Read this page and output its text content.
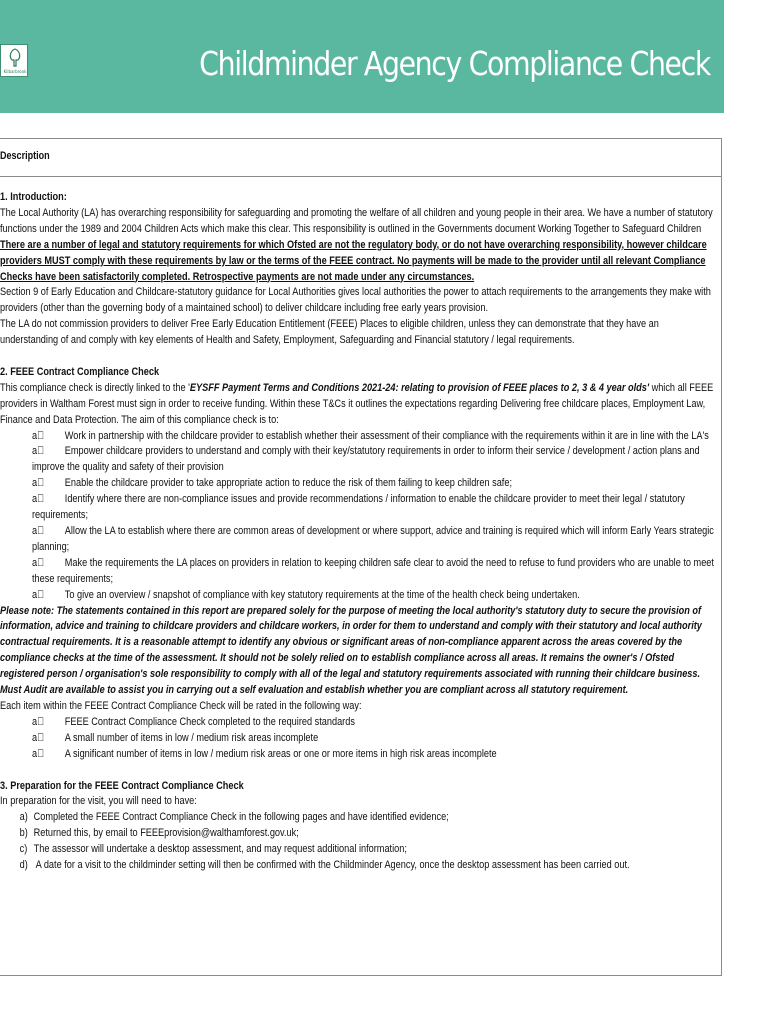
Kilbarbrook	Childminder Agency Compliance Check
Description

1. Introduction:

The Local Authority (LA) has overarching responsibility for safeguarding and promoting the welfare of all children and young people in their area. We have a number of statutory functions under the 1989 and 2004 Children Acts which make this clear. This responsibility is outlined in the Governments document Working Together to Safeguard Children

There are a number of legal and statutory requirements for which Ofsted are not the regulatory body, or do not have overarching responsibility, however childcare providers MUST comply with these requirements by law or the terms of the FEEE contract. No payments will be made to the provider until all relevant Compliance Checks have been satisfactorily completed. Retrospective payments are not made under any circumstances.

Section 9 of Early Education and Childcare-statutory guidance for Local Authorities gives local authorities the power to attach requirements to the arrangements they make with providers (other than the governing body of a maintained school) to deliver childcare including free early years provision.

The LA do not commission providers to deliver Free Early Education Entitlement (FEEE) Places to eligible children, unless they can demonstrate that they have an understanding of and comply with key elements of Health and Safety, Employment, Safeguarding and Financial statutory / legal requirements.

2. FEEE Contract Compliance Check

This compliance check is directly linked to the 'EYSFF Payment Terms and Conditions 2021-24: relating to provision of FEEE places to 2, 3 & 4 year olds' which all FEEE providers in Waltham Forest must sign in order to receive funding. Within these T&Cs it outlines the expectations regarding Delivering free childcare places, Employment Law, Finance and Data Protection. The aim of this compliance check is to:

a Work in partnership with the childcare provider to establish whether their assessment of their compliance with the requirements within it are in line with the LA's

a Empower childcare providers to understand and comply with their key/statutory requirements in order to inform their service / development / action plans and improve the quality and safety of their provision

a Enable the childcare provider to take appropriate action to reduce the risk of them failing to keep children safe;

a Identify where there are non-compliance issues and provide recommendations / information to enable the childcare provider to meet their legal / statutory requirements;

a Allow the LA to establish where there are common areas of development or where support, advice and training is required which will inform Early Years strategic planning;

a Make the requirements the LA places on providers in relation to keeping children safe clear to avoid the need to refuse to fund providers who are unable to meet these requirements;

a To give an overview / snapshot of compliance with key statutory requirements at the time of the health check being undertaken.

Please note: The statements contained in this report are prepared solely for the purpose of meeting the local authority's statutory duty to secure the provision of information, advice and training to childcare providers and childcare workers, in order for them to understand and comply with their statutory and local authority contractual requirements. It is a reasonable attempt to identify any obvious or significant areas of non-compliance apparent across the areas covered by the compliance checks at the time of the assessment. It should not be solely relied on to establish compliance across all areas. It remains the owner's / Ofsted registered person / organisation's sole responsibility to comply with all of the legal and statutory requirements associated with running their childcare business. Must Audit are available to assist you in carrying out a self evaluation and establish whether you are compliant across all statutory requirement.

Each item within the FEEE Contract Compliance Check will be rated in the following way:

a FEEE Contract Compliance Check completed to the required standards

a A small number of items in low / medium risk areas incomplete

a A significant number of items in low / medium risk areas or one or more items in high risk areas incomplete

3. Preparation for the FEEE Contract Compliance Check

In preparation for the visit, you will need to have:

a) Completed the FEEE Contract Compliance Check in the following pages and have identified evidence;

b) Returned this, by email to FEEEprovision@walthamforest.gov.uk;

c) The assessor will undertake a desktop assessment, and may request additional information;

d) A date for a visit to the childminder setting will then be confirmed with the Childminder Agency, once the desktop assessment has been carried out.
